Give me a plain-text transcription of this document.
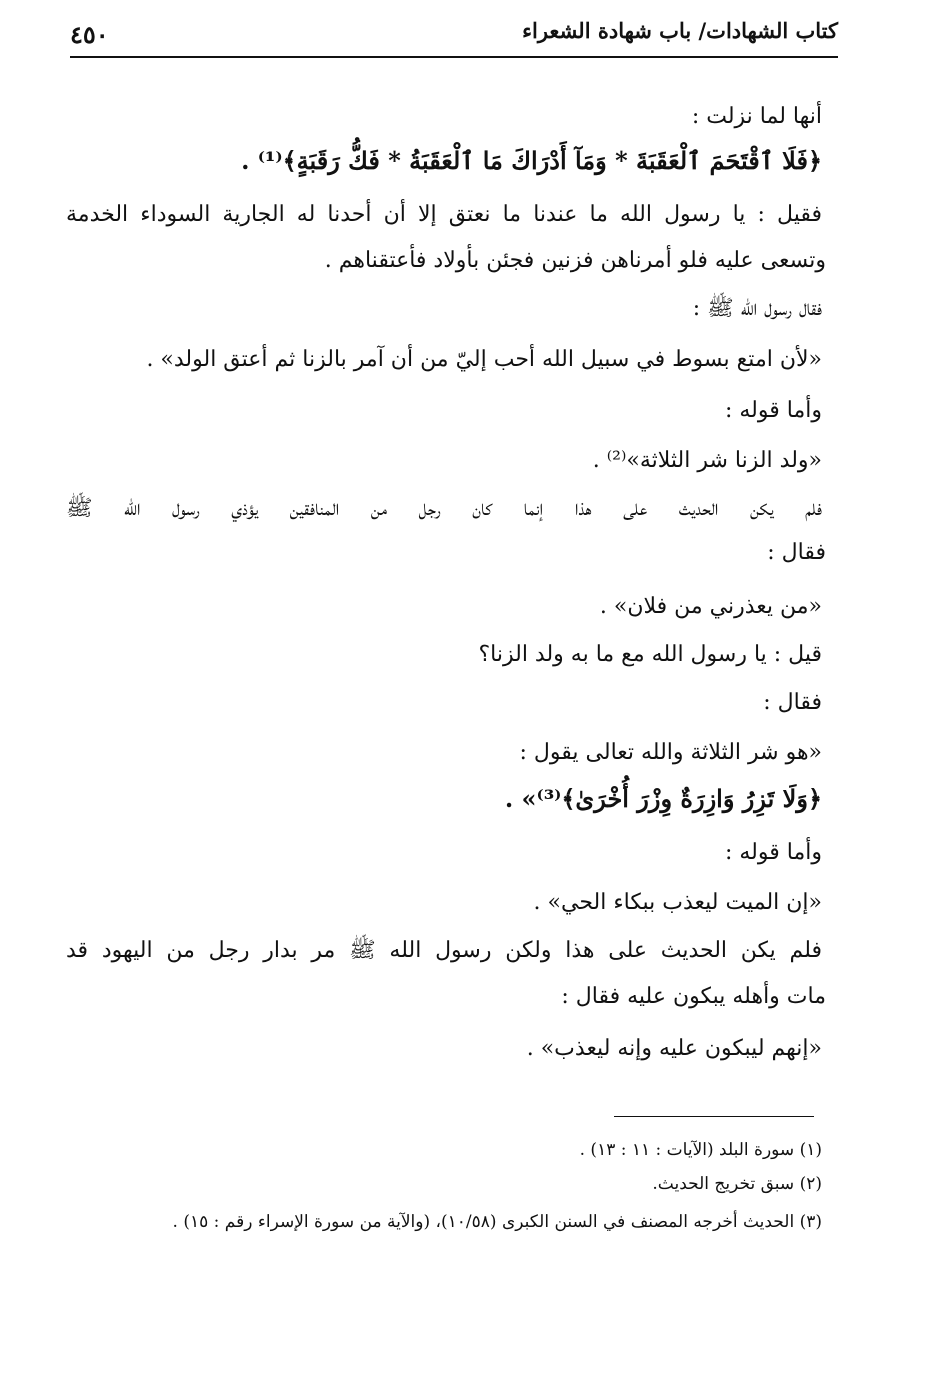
كتاب الشهادات/ باب شهادة الشعراء
٤٥٠
أنها لما نزلت :
﴿فَلَا ٱقْتَحَمَ ٱلْعَقَبَةَ * وَمَآ أَدْرَاكَ مَا ٱلْعَقَبَةُ * فَكُّ رَقَبَةٍ﴾⁽¹⁾ .
فقيل : يا رسول الله ما عندنا ما نعتق إلا أن أحدنا له الجارية السوداء الخدمة
وتسعى عليه فلو أمرناهن فزنين فجئن بأولاد فأعتقناهم .
فقال رسول الله ﷺ :
«لأن امتع بسوط في سبيل الله أحب إليّ من أن آمر بالزنا ثم أعتق الولد» .
وأما قوله :
«ولد الزنا شر الثلاثة»⁽²⁾ .
فلم يكن الحديث على هذا إنما كان رجل من المنافقين يؤذي رسول الله ﷺ
فقال :
«من يعذرني من فلان» .
قيل : يا رسول الله مع ما به ولد الزنا؟
فقال :
«هو شر الثلاثة والله تعالى يقول :
﴿وَلَا تَزِرُ وَازِرَةٌ وِزْرَ أُخْرَىٰ﴾⁽³⁾» .
وأما قوله :
«إن الميت ليعذب ببكاء الحي» .
فلم يكن الحديث على هذا ولكن رسول الله ﷺ مر بدار رجل من اليهود قد
مات وأهله يبكون عليه فقال :
«إنهم ليبكون عليه وإنه ليعذب» .
(١) سورة البلد (الآيات : ١١ : ١٣) .
(٢) سبق تخريج الحديث.
(٣) الحديث أخرجه المصنف في السنن الكبرى (١٠/٥٨)، (والآية من سورة الإسراء رقم : ١٥) .
